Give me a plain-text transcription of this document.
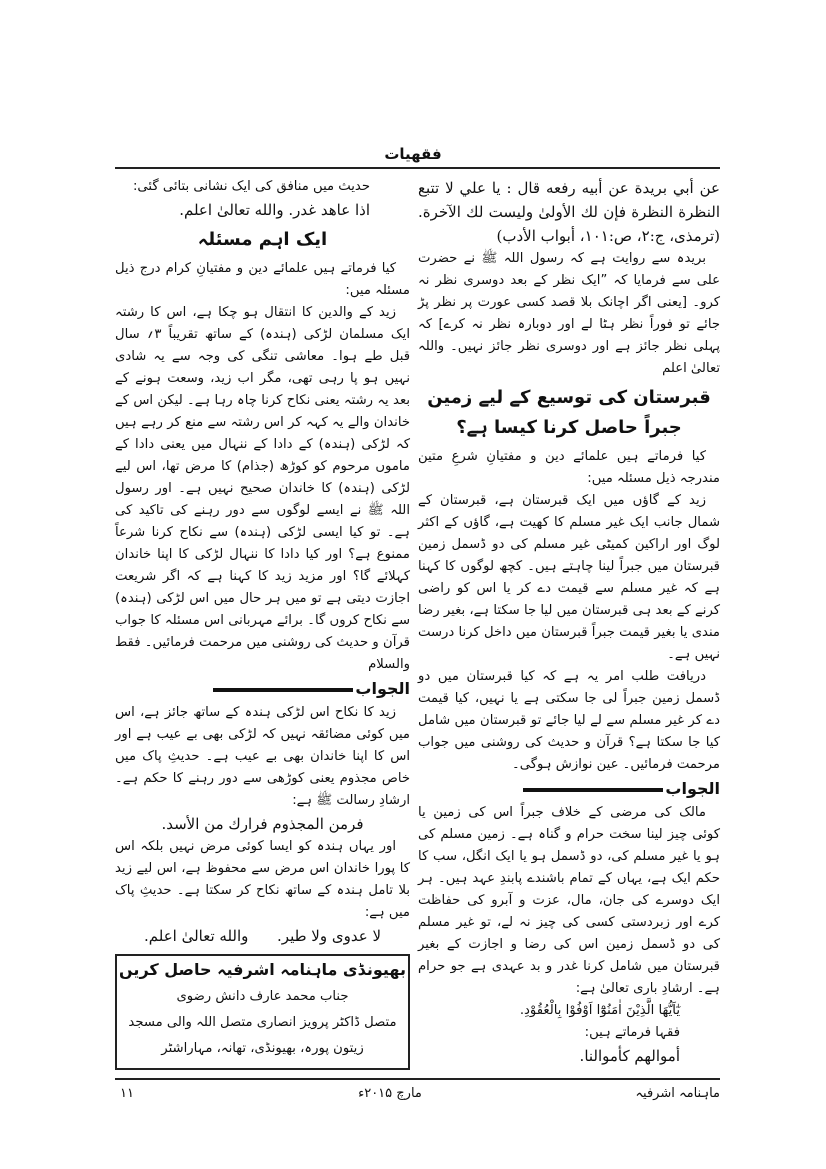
فقهيات

عن أبي بريدة عن أبيه رفعه قال : يا علي لا تتبع النظرة النظرة فإن لك الأولىٰ وليست لك الآخرة. (ترمذی، ج:۲، ص:۱۰۱، أبواب الأدب)

بریدہ سے روایت ہے کہ رسول اللہ ﷺ نے حضرت علی سے فرمایا کہ ”ایک نظر کے بعد دوسری نظر نہ کرو۔ [یعنی اگر اچانک بلا قصد کسی عورت پر نظر پڑ جائے تو فوراً نظر ہٹا لے اور دوبارہ نظر نہ کرے] کہ پہلی نظر جائز ہے اور دوسری نظر جائز نہیں۔ واللہ تعالیٰ اعلم

قبرستان کی توسیع کے لیے زمین جبراً حاصل کرنا کیسا ہے؟

کیا فرماتے ہیں علمائے دین و مفتیانِ شرعِ متین مندرجہ ذیل مسئلہ میں:

زید کے گاؤں میں ایک قبرستان ہے، قبرستان کے شمال جانب ایک غیر مسلم کا کھیت ہے، گاؤں کے اکثر لوگ اور اراکین کمیٹی غیر مسلم کی دو ڈسمل زمین قبرستان میں جبراً لینا چاہتے ہیں۔ کچھ لوگوں کا کہنا ہے کہ غیر مسلم سے قیمت دے کر یا اس کو راضی کرنے کے بعد ہی قبرستان میں لیا جا سکتا ہے، بغیر رضا مندی یا بغیر قیمت جبراً قبرستان میں داخل کرنا درست نہیں ہے۔

دریافت طلب امر یہ ہے کہ کیا قبرستان میں دو ڈسمل زمین جبراً لی جا سکتی ہے یا نہیں، کیا قیمت دے کر غیر مسلم سے لے لیا جائے تو قبرستان میں شامل کیا جا سکتا ہے؟ قرآن و حدیث کی روشنی میں جواب مرحمت فرمائیں۔ عین نوازش ہوگی۔

الجواب

مالک کی مرضی کے خلاف جبراً اس کی زمین یا کوئی چیز لینا سخت حرام و گناہ ہے۔ زمین مسلم کی ہو یا غیر مسلم کی، دو ڈسمل ہو یا ایک انگل، سب کا حکم ایک ہے، یہاں کے تمام باشندے پابندِ عہد ہیں۔ ہر ایک دوسرے کی جان، مال، عزت و آبرو کی حفاظت کرے اور زبردستی کسی کی چیز نہ لے، تو غیر مسلم کی دو ڈسمل زمین اس کی رضا و اجازت کے بغیر قبرستان میں شامل کرنا غدر و بد عہدی ہے جو حرام ہے۔ ارشادِ باری تعالیٰ ہے:

يٰٓاَيُّهَا الَّذِيْنَ اٰمَنُوْٓا اَوْفُوْا بِالْعُقُوْدِ.

فقہا فرماتے ہیں:

أموالهم كأموالنا.

حدیث میں منافق کی ایک نشانی بتائی گئی:

اذا عاهد غدر. والله تعالىٰ اعلم.

ایک اہم مسئلہ

کیا فرماتے ہیں علمائے دین و مفتیانِ کرام درج ذیل مسئلہ میں:

زید کے والدین کا انتقال ہو چکا ہے، اس کا رشتہ ایک مسلمان لڑکی (ہندہ) کے ساتھ تقریباً ۳؍ سال قبل طے ہوا۔ معاشی تنگی کی وجہ سے یہ شادی نہیں ہو پا رہی تھی، مگر اب زید، وسعت ہونے کے بعد یہ رشتہ یعنی نکاح کرنا چاہ رہا ہے۔ لیکن اس کے خاندان والے یہ کہہ کر اس رشتہ سے منع کر رہے ہیں کہ لڑکی (ہندہ) کے دادا کے ننہال میں یعنی دادا کے ماموں مرحوم کو کوڑھ (جذام) کا مرض تھا، اس لیے لڑکی (ہندہ) کا خاندان صحیح نہیں ہے۔ اور رسول اللہ ﷺ نے ایسے لوگوں سے دور رہنے کی تاکید کی ہے۔ تو کیا ایسی لڑکی (ہندہ) سے نکاح کرنا شرعاً ممنوع ہے؟ اور کیا دادا کا ننہال لڑکی کا اپنا خاندان کہلائے گا؟ اور مزید زید کا کہنا ہے کہ اگر شریعت اجازت دیتی ہے تو میں ہر حال میں اس لڑکی (ہندہ) سے نکاح کروں گا۔ برائے مہربانی اس مسئلہ کا جواب قرآن و حدیث کی روشنی میں مرحمت فرمائیں۔ فقط والسلام

الجواب

زید کا نکاح اس لڑکی ہندہ کے ساتھ جائز ہے، اس میں کوئی مضائقہ نہیں کہ لڑکی بھی بے عیب ہے اور اس کا اپنا خاندان بھی بے عیب ہے۔ حدیثِ پاک میں خاص مجذوم یعنی کوڑھی سے دور رہنے کا حکم ہے۔ ارشادِ رسالت ﷺ ہے:

فرمن المجذوم فرارك من الأسد.

اور یہاں ہندہ کو ایسا کوئی مرض نہیں بلکہ اس کا پورا خاندان اس مرض سے محفوظ ہے، اس لیے زید بلا تامل ہندہ کے ساتھ نکاح کر سکتا ہے۔ حدیثِ پاک میں ہے:

لا عدوى ولا طير.      والله تعالىٰ اعلم.

بھیونڈی ماہنامہ اشرفیہ حاصل کریں

جناب محمد عارف دانش رضوی

متصل ڈاکٹر پرویز انصاری متصل اللہ والی مسجد

زیتون پورہ، بھیونڈی، تھانہ، مہاراشٹر

ماہنامہ اشرفیہ
مارچ ۲۰۱۵ء
۱۱
